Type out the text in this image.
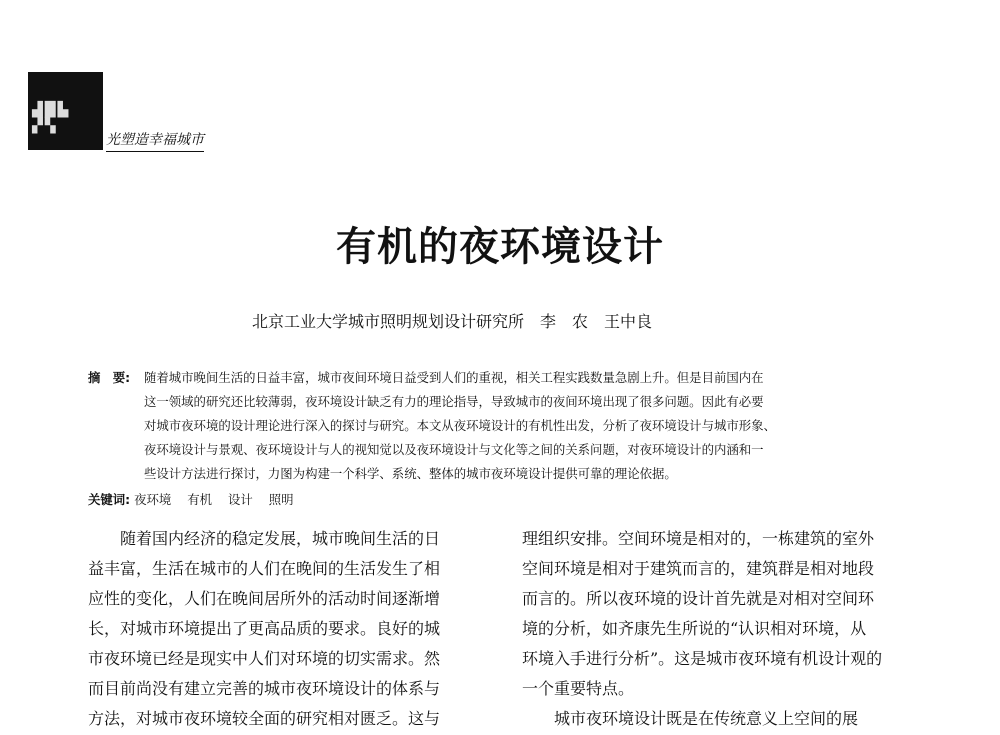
▟█▙ ▞▚
光塑造幸福城市
有机的夜环境设计
北京工业大学城市照明规划设计研究所　李　农　王中良
摘　要:	随着城市晚间生活的日益丰富，城市夜间环境日益受到人们的重视，相关工程实践数量急剧上升。但是目前国内在
这一领域的研究还比较薄弱，夜环境设计缺乏有力的理论指导，导致城市的夜间环境出现了很多问题。因此有必要
对城市夜环境的设计理论进行深入的探讨与研究。本文从夜环境设计的有机性出发，分析了夜环境设计与城市形象、
夜环境设计与景观、夜环境设计与人的视知觉以及夜环境设计与文化等之间的关系问题，对夜环境设计的内涵和一
些设计方法进行探讨，力图为构建一个科学、系统、整体的城市夜环境设计提供可靠的理论依据。
关键词: 夜环境 有机 设计 照明
　　随着国内经济的稳定发展，城市晚间生活的日
益丰富，生活在城市的人们在晚间的生活发生了相
应性的变化，人们在晚间居所外的活动时间逐渐增
长，对城市环境提出了更高品质的要求。良好的城
市夜环境已经是现实中人们对环境的切实需求。然
而目前尚没有建立完善的城市夜环境设计的体系与
方法，对城市夜环境较全面的研究相对匮乏。这与
理组织安排。空间环境是相对的，一栋建筑的室外
空间环境是相对于建筑而言的，建筑群是相对地段
而言的。所以夜环境的设计首先就是对相对空间环
境的分析，如齐康先生所说的“认识相对环境，从
环境入手进行分析”。这是城市夜环境有机设计观的
一个重要特点。
　　城市夜环境设计既是在传统意义上空间的展
